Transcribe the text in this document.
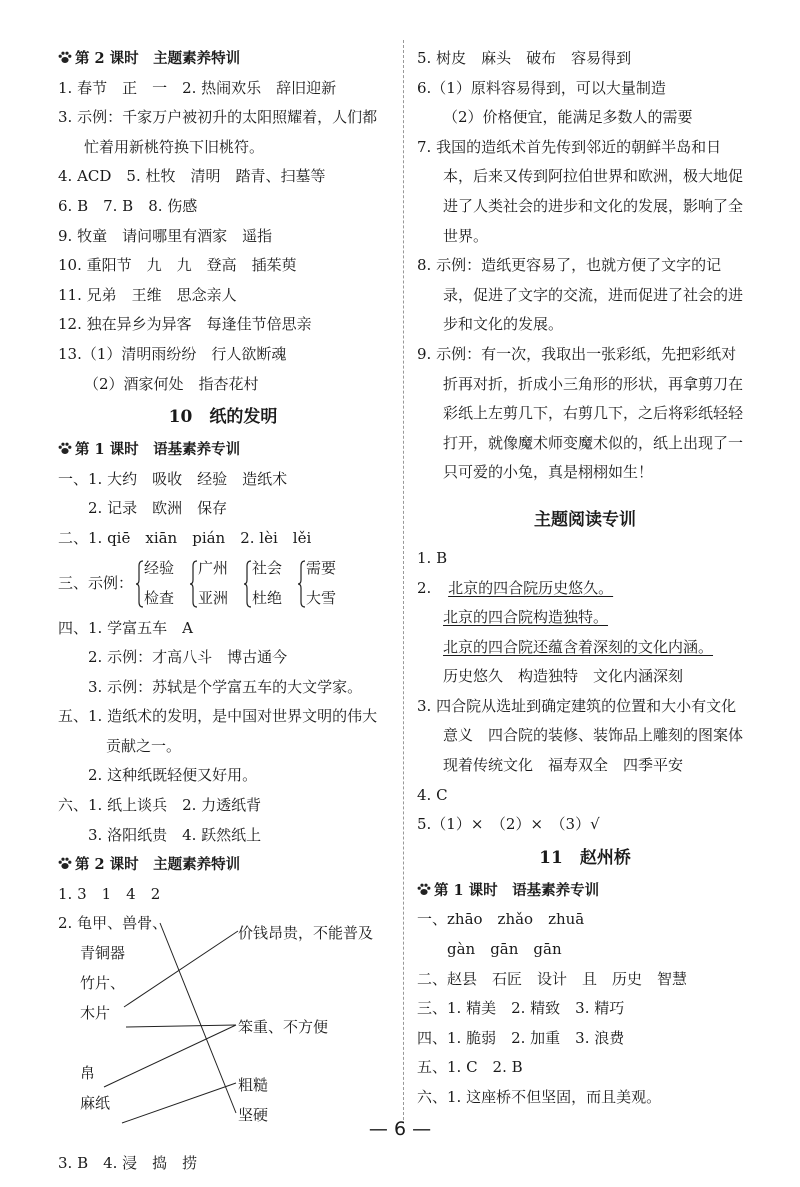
第 2 课时　主题素养特训
1. 春节　正　一　2. 热闹欢乐　辞旧迎新
3. 示例：千家万户被初升的太阳照耀着，人们都
忙着用新桃符换下旧桃符。
4. ACD　5. 杜牧　清明　踏青、扫墓等
6. B　7. B　8. 伤感
9. 牧童　请问哪里有酒家　遥指
10. 重阳节　九　九　登高　插茱萸
11. 兄弟　王维　思念亲人
12. 独在异乡为异客　每逢佳节倍思亲
13.（1）清明雨纷纷　行人欲断魂
（2）酒家何处　指杏花村
10　纸的发明
第 1 课时　语基素养专训
一、1. 大约　吸收　经验　造纸术
2. 记录　欧洲　保存
二、1. qiē　xiān　pián　2. lèi　lěi
三、示例：
经验
检查
广州
亚洲
社会
杜绝
需要
大雪
四、1. 学富五车　A
2. 示例：才高八斗　博古通今
3. 示例：苏轼是个学富五车的大文学家。
五、1. 造纸术的发明，是中国对世界文明的伟大
贡献之一。
2. 这种纸既轻便又好用。
六、1. 纸上谈兵　2. 力透纸背
3. 洛阳纸贵　4. 跃然纸上
第 2 课时　主题素养特训
1. 3　1　4　2
2. 龟甲、兽骨、
青铜器
竹片、
木片
帛
麻纸
价钱昂贵，不能普及
笨重、不方便
粗糙
坚硬
3. B　4. 浸　捣　捞
5. 树皮　麻头　破布　容易得到
6.（1）原料容易得到，可以大量制造
（2）价格便宜，能满足多数人的需要
7. 我国的造纸术首先传到邻近的朝鲜半岛和日
本，后来又传到阿拉伯世界和欧洲，极大地促
进了人类社会的进步和文化的发展，影响了全
世界。
8. 示例：造纸更容易了，也就方便了文字的记
录，促进了文字的交流，进而促进了社会的进
步和文化的发展。
9. 示例：有一次，我取出一张彩纸，先把彩纸对
折再对折，折成小三角形的形状，再拿剪刀在
彩纸上左剪几下，右剪几下，之后将彩纸轻轻
打开，就像魔术师变魔术似的，纸上出现了一
只可爱的小兔，真是栩栩如生！
主题阅读专训
1. B
2. 北京的四合院历史悠久。
北京的四合院构造独特。
北京的四合院还蕴含着深刻的文化内涵。
历史悠久　构造独特　文化内涵深刻
3. 四合院从选址到确定建筑的位置和大小有文化
意义　四合院的装修、装饰品上雕刻的图案体
现着传统文化　福寿双全　四季平安
4. C
5.（1）×　（2）×　（3）√
11　赵州桥
第 1 课时　语基素养专训
一、zhāo　zhǎo　zhuā
gàn　gān　gān
二、赵县　石匠　设计　且　历史　智慧
三、1. 精美　2. 精致　3. 精巧
四、1. 脆弱　2. 加重　3. 浪费
五、1. C　2. B
六、1. 这座桥不但坚固，而且美观。
— 6 —
